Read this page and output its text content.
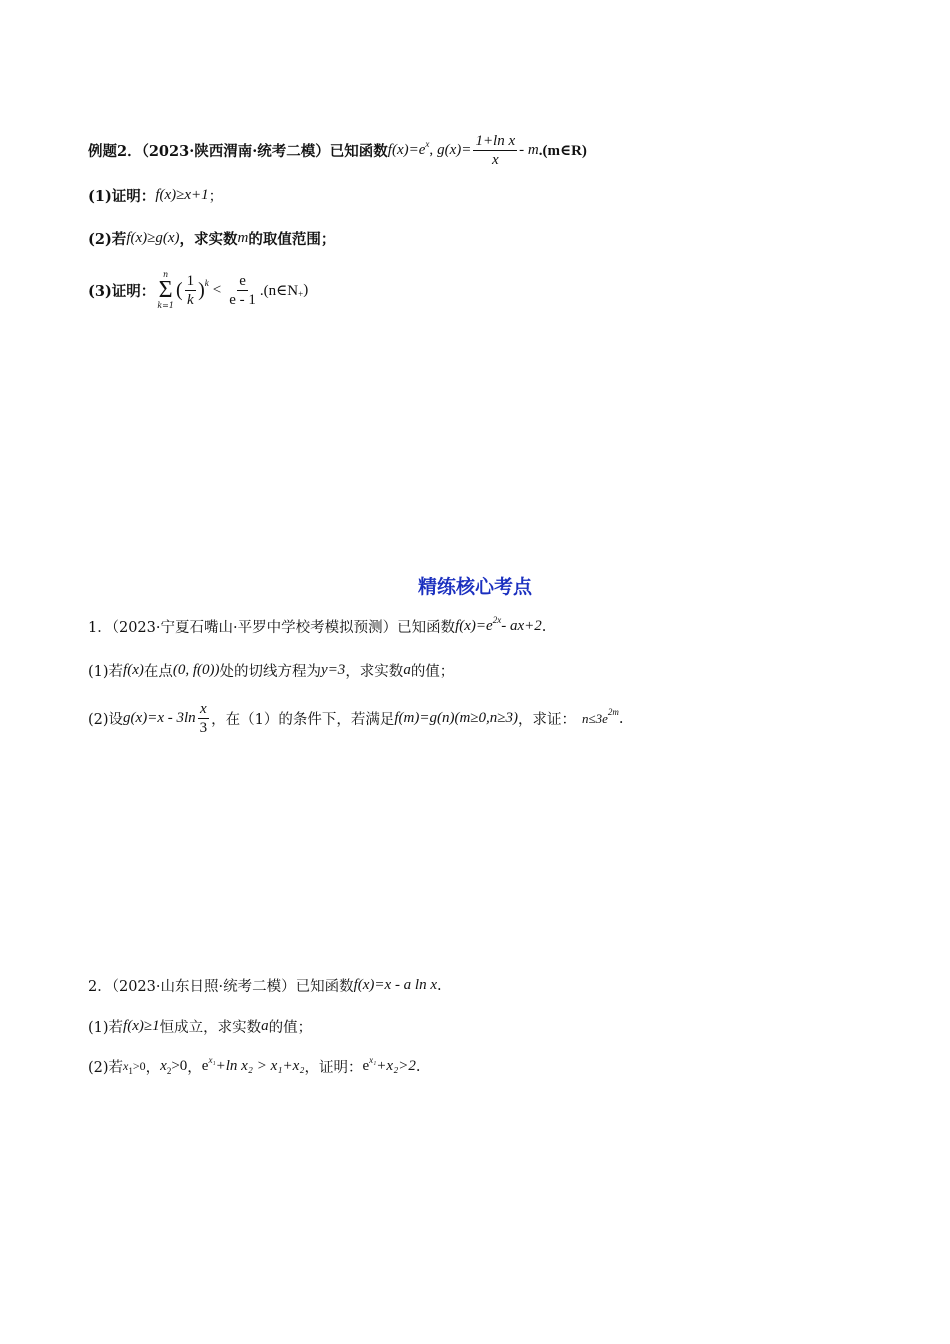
例题2．（2023·陕西渭南·统考二模）已知函数 f(x)=e x , $g(x)= \frac{\text{1+ln x}}{x} - m$ .(m∈R)
(1)证明： f(x)≥x+1 ；
(2)若 f(x)≥g(x) ，求实数 m 的取值范围；
(3)证明：
n
Σ
k=1
( $\frac{1}{k}$ ) $k < \frac{e}{e - 1}$ .(n∈N + )
精练核心考点
1．（2023·宁夏石嘴山·平罗中学校考模拟预测）已知函数 f(x)=e 2x - ax+2 .
(1)若 f(x) 在点 (0, f(0)) 处的切线方程为 y=3 ，求实数 a 的值；
(2)设 $g(x)=x - 3\ln \frac{x}{3}$ ，在（1）的条件下，若满足 f(m)=g(n)(m≥0,n≥3) ，求证： n≤3e 2m .
2．（2023·山东日照·统考二模）已知函数 f(x)=x - a ln x .
(1)若 f(x)≥1 恒成立，求实数 a 的值；
(2)若 x 1 >0 ， x 2 >0 ， e x₁ +ln x₂ > x₁+x₂ ，证明： e x₁ +x₂>2 .
